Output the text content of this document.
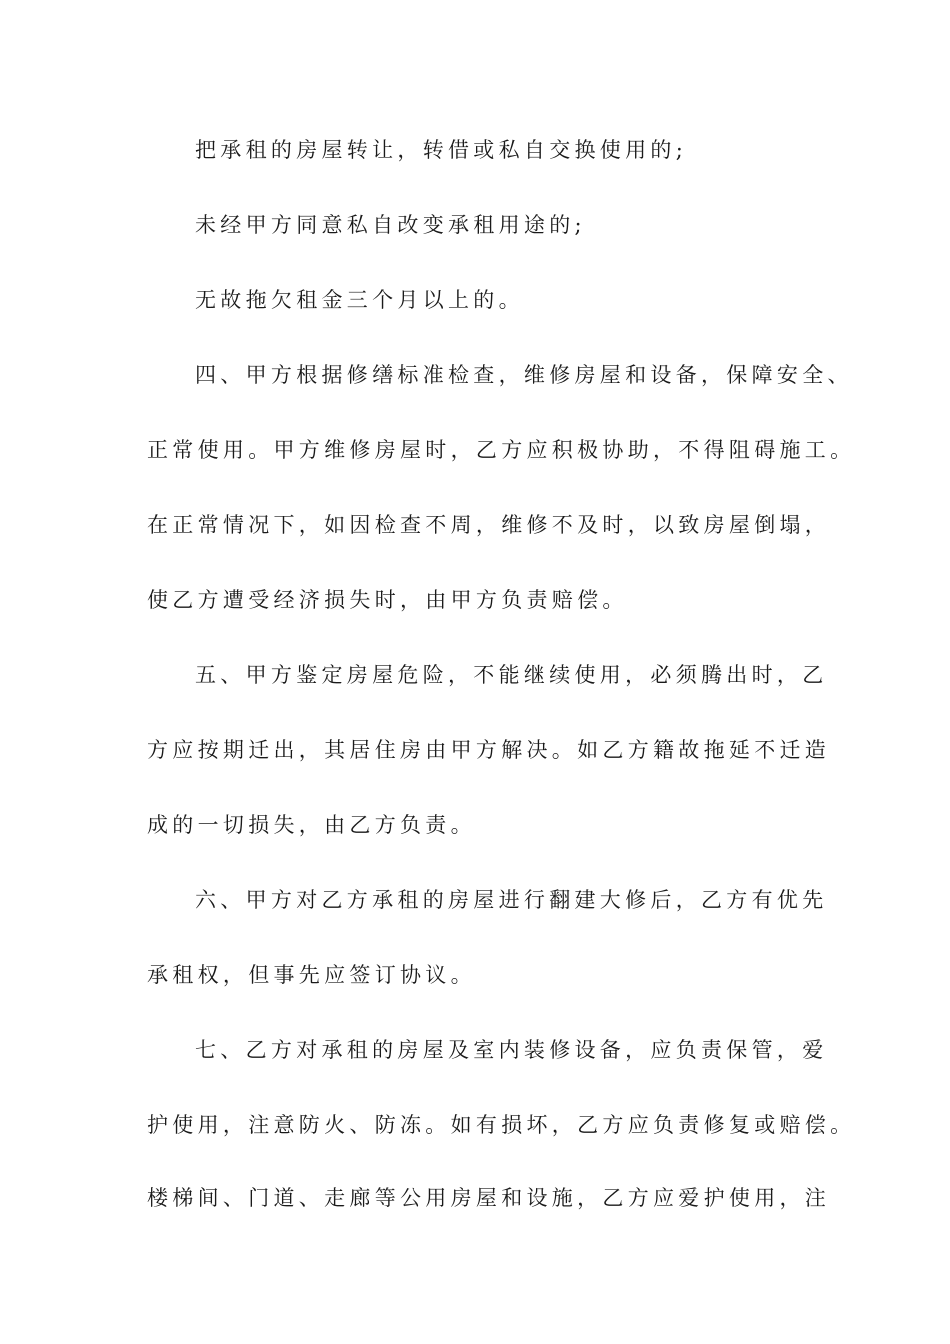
把承租的房屋转让，转借或私自交换使用的;
未经甲方同意私自改变承租用途的;
无故拖欠租金三个月以上的。
四、甲方根据修缮标准检查，维修房屋和设备，保障安全、
正常使用。甲方维修房屋时，乙方应积极协助，不得阻碍施工。
在正常情况下，如因检查不周，维修不及时，以致房屋倒塌，
使乙方遭受经济损失时，由甲方负责赔偿。
五、甲方鉴定房屋危险，不能继续使用，必须腾出时，乙
方应按期迁出，其居住房由甲方解决。如乙方籍故拖延不迁造
成的一切损失，由乙方负责。
六、甲方对乙方承租的房屋进行翻建大修后，乙方有优先
承租权，但事先应签订协议。
七、乙方对承租的房屋及室内装修设备，应负责保管，爱
护使用，注意防火、防冻。如有损坏，乙方应负责修复或赔偿。
楼梯间、门道、走廊等公用房屋和设施，乙方应爱护使用，注
